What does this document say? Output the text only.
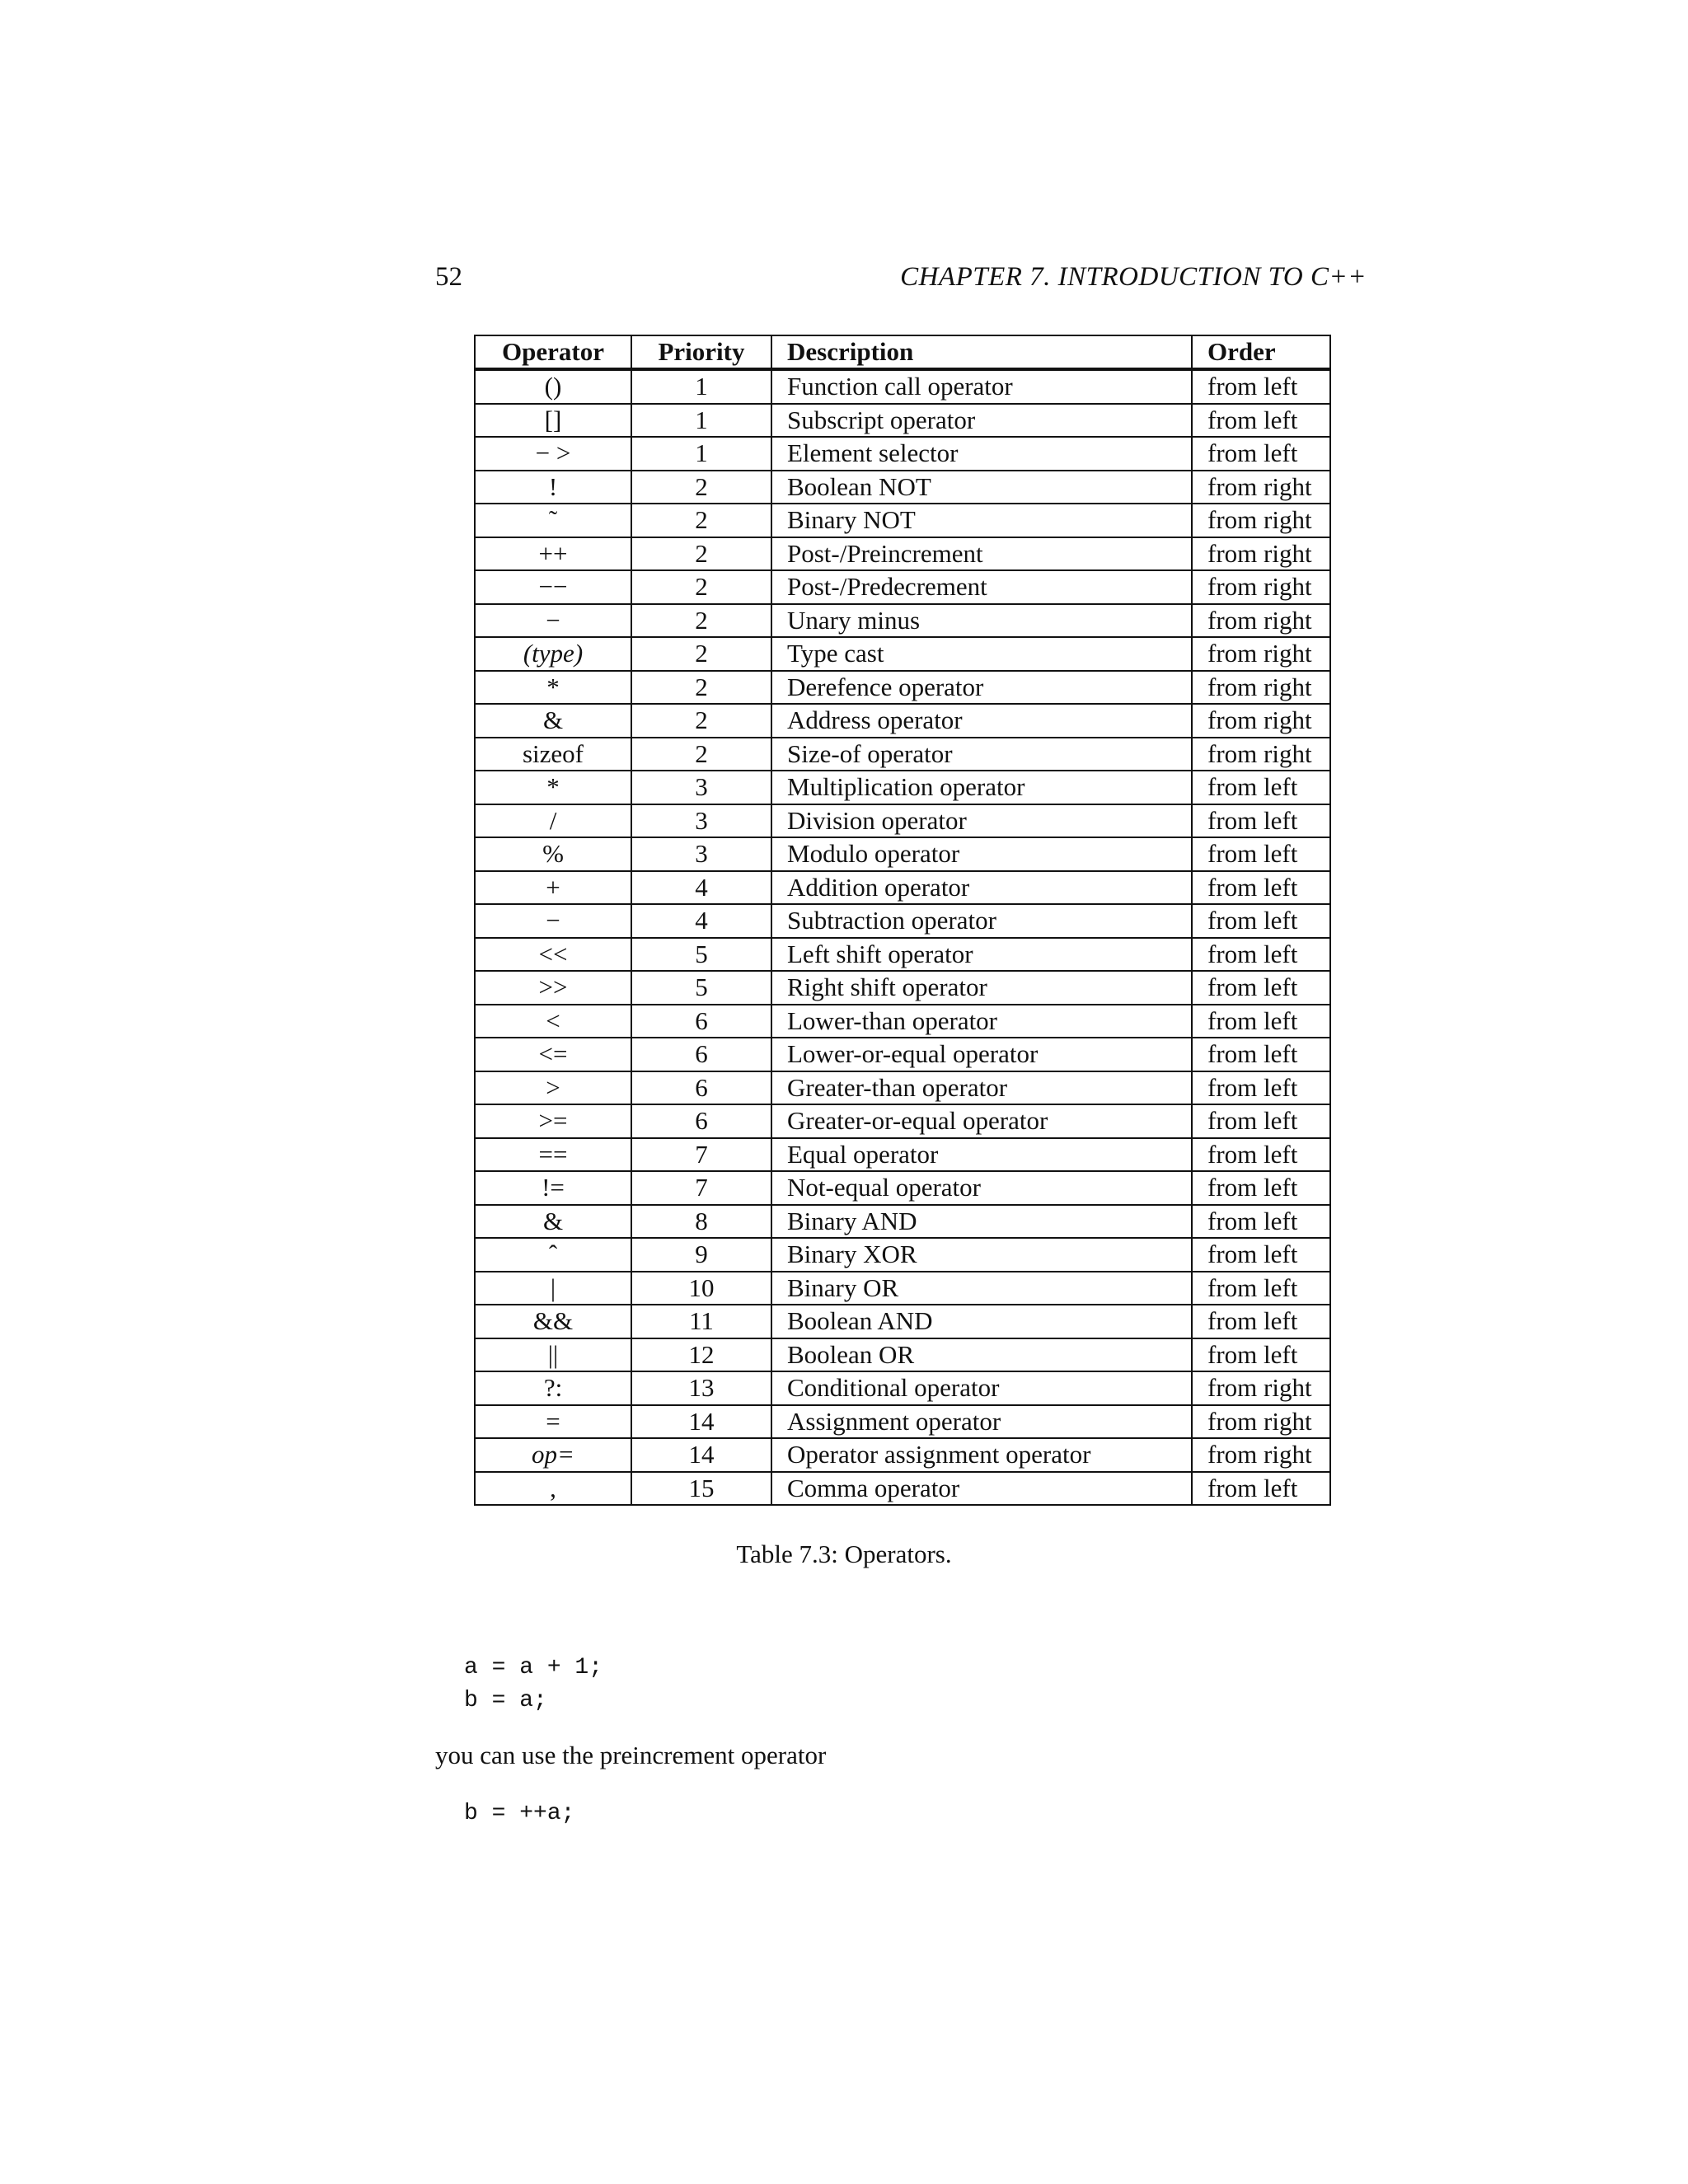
52	CHAPTER 7. INTRODUCTION TO C++
Operator	Priority	Description	Order
()	1	Function call operator	from left
[]	1	Subscript operator	from left
− >	1	Element selector	from left
!	2	Boolean NOT	from right
˜	2	Binary NOT	from right
++	2	Post-/Preincrement	from right
−−	2	Post-/Predecrement	from right
−	2	Unary minus	from right
(type)	2	Type cast	from right
*	2	Derefence operator	from right
&	2	Address operator	from right
sizeof	2	Size-of operator	from right
*	3	Multiplication operator	from left
/	3	Division operator	from left
%	3	Modulo operator	from left
+	4	Addition operator	from left
−	4	Subtraction operator	from left
<<	5	Left shift operator	from left
>>	5	Right shift operator	from left
<	6	Lower-than operator	from left
<=	6	Lower-or-equal operator	from left
>	6	Greater-than operator	from left
>=	6	Greater-or-equal operator	from left
==	7	Equal operator	from left
!=	7	Not-equal operator	from left
&	8	Binary AND	from left
ˆ	9	Binary XOR	from left
|	10	Binary OR	from left
&&	11	Boolean AND	from left
||	12	Boolean OR	from left
?:	13	Conditional operator	from right
=	14	Assignment operator	from right
op=	14	Operator assignment operator	from right
,	15	Comma operator	from left
Table 7.3: Operators.
a = a + 1;
b = a;
you can use the preincrement operator
b = ++a;
